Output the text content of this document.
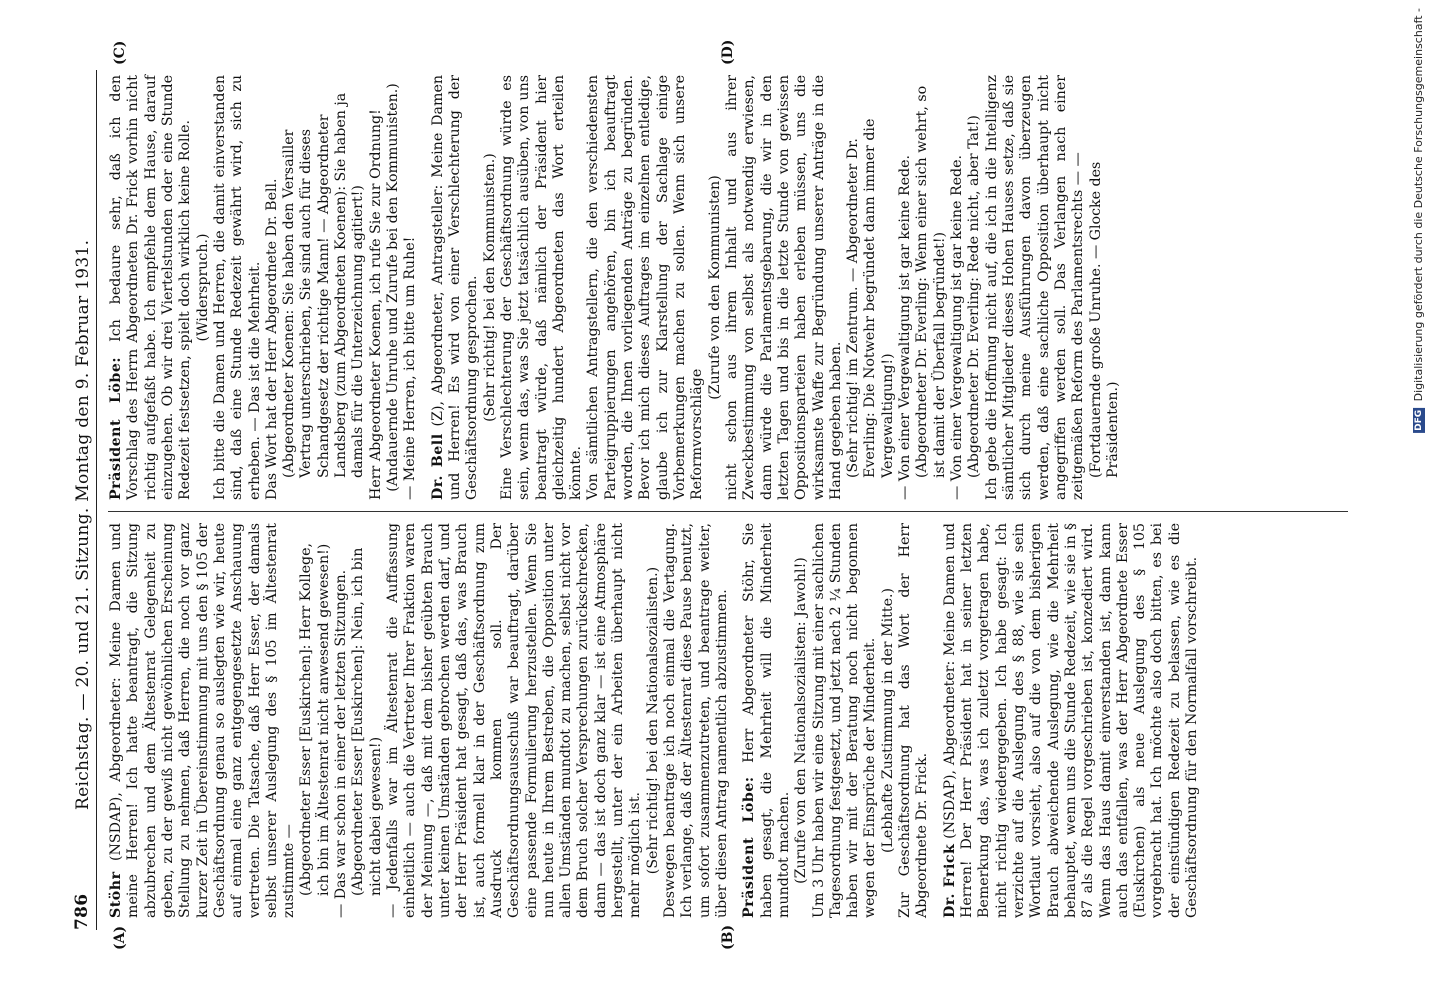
786
Reichstag. — 20. und 21. Sitzung. Montag den 9. Februar 1931.
(A)	(B)
(C)	(D)

Stöhr (NSDAP), Abgeordneter: Meine Damen und meine Herren! Ich hatte beantragt, die Sitzung abzubrechen und dem Ältestenrat Gelegenheit zu geben, zu der gewiß nicht gewöhnlichen Erscheinung Stellung zu nehmen, daß Herren, die noch vor ganz kurzer Zeit in Übereinstimmung mit uns den § 105 der Geschäftsordnung genau so auslegten wie wir, heute auf einmal eine ganz entgegengesetzte Anschauung vertreten. Die Tatsache, daß Herr Esser, der damals selbst unserer Auslegung des § 105 im Ältestenrat zustimmte — (Abgeordneter Esser [Euskirchen]: Herr Kollege, ich bin im Ältestenrat nicht anwesend gewesen!) — Das war schon in einer der letzten Sitzungen. (Abgeordneter Esser [Euskirchen]: Nein, ich bin nicht dabei gewesen!) — Jedenfalls war im Ältestenrat die Auffassung einheitlich — auch die Vertreter Ihrer Fraktion waren der Meinung —, daß mit dem bisher geübten Brauch unter keinen Umständen gebrochen werden darf, und der Herr Präsident hat gesagt, daß das, was Brauch ist, auch formell klar in der Geschäftsordnung zum Ausdruck kommen soll. Der Geschäftsordnungsausschuß war beauftragt, darüber eine passende Formulierung herzustellen. Wenn Sie nun heute in Ihrem Bestreben, die Opposition unter allen Umständen mundtot zu machen, selbst nicht vor dem Bruch solcher Versprechungen zurückschrecken, dann — das ist doch ganz klar — ist eine Atmosphäre hergestellt, unter der ein Arbeiten überhaupt nicht mehr möglich ist. (Sehr richtig! bei den Nationalsozialisten.) Deswegen beantrage ich noch einmal die Vertagung. Ich verlange, daß der Ältestenrat diese Pause benutzt, um sofort zusammenzutreten, und beantrage weiter, über diesen Antrag namentlich abzustimmen. Präsident Löbe: Herr Abgeordneter Stöhr, Sie haben gesagt, die Mehrheit will die Minderheit mundtot machen. (Zurufe von den Nationalsozialisten: Jawohl!) Um 3 Uhr haben wir eine Sitzung mit einer sachlichen Tagesordnung festgesetzt, und jetzt nach 2 ¼ Stunden haben wir mit der Beratung noch nicht begonnen wegen der Einsprüche der Minderheit. (Lebhafte Zustimmung in der Mitte.) Zur Geschäftsordnung hat das Wort der Herr Abgeordnete Dr. Frick. Dr. Frick (NSDAP), Abgeordneter: Meine Damen und Herren! Der Herr Präsident hat in seiner letzten Bemerkung das, was ich zuletzt vorgetragen habe, nicht richtig wiedergegeben. Ich habe gesagt: Ich verzichte auf die Auslegung des § 88, wie sie sein Wortlaut vorsieht, also auf die von dem bisherigen Brauch abweichende Auslegung, wie die Mehrheit behauptet, wenn uns die Stunde Redezeit, wie sie in § 87 als die Regel vorgeschrieben ist, konzediert wird. Wenn das Haus damit einverstanden ist, dann kann auch das entfallen, was der Herr Abgeordnete Esser (Euskirchen) als neue Auslegung des § 105 vorgebracht hat. Ich möchte also doch bitten, es bei der einstündigen Redezeit zu belassen, wie es die Geschäftsordnung für den Normalfall vorschreibt.

Präsident Löbe: Ich bedaure sehr, daß ich den Vorschlag des Herrn Abgeordneten Dr. Frick vorhin nicht richtig aufgefaßt habe. Ich empfehle dem Hause, darauf einzugehen. Ob wir drei Viertelstunden oder eine Stunde Redezeit festsetzen, spielt doch wirklich keine Rolle. (Widerspruch.) Ich bitte die Damen und Herren, die damit einverstanden sind, daß eine Stunde Redezeit gewährt wird, sich zu erheben. — Das ist die Mehrheit. Das Wort hat der Herr Abgeordnete Dr. Bell. (Abgeordneter Koenen: Sie haben den Versailler Vertrag unterschrieben, Sie sind auch für dieses Schandgesetz der richtige Mann! — Abgeordneter Landsberg (zum Abgeordneten Koenen): Sie haben ja damals für die Unterzeichnung agitiert!) Herr Abgeordneter Koenen, ich rufe Sie zur Ordnung! (Andauernde Unruhe und Zurufe bei den Kommunisten.) — Meine Herren, ich bitte um Ruhe! Dr. Bell (Z), Abgeordneter, Antragsteller: Meine Damen und Herren! Es wird von einer Verschlechterung der Geschäftsordnung gesprochen. (Sehr richtig! bei den Kommunisten.) Eine Verschlechterung der Geschäftsordnung würde es sein, wenn das, was Sie jetzt tatsächlich ausüben, von uns beantragt würde, daß nämlich der Präsident hier gleichzeitig hundert Abgeordneten das Wort erteilen könnte. Von sämtlichen Antragstellern, die den verschiedensten Parteigruppierungen angehören, bin ich beauftragt worden, die Ihnen vorliegenden Anträge zu begründen. Bevor ich mich dieses Auftrages im einzelnen entledige, glaube ich zur Klarstellung der Sachlage einige Vorbemerkungen machen zu sollen. Wenn sich unsere Reformvorschläge

(Zurufe von den Kommunisten) nicht schon aus ihrem Inhalt und aus ihrer Zweckbestimmung von selbst als notwendig erwiesen, dann würde die Parlamentsgebarung, die wir in den letzten Tagen und bis in die letzte Stunde von gewissen Oppositionsparteien haben erleben müssen, uns die wirksamste Waffe zur Begründung unserer Anträge in die Hand gegeben haben. (Sehr richtig! im Zentrum. — Abgeordneter Dr. Everling: Die Notwehr begründet dann immer die Vergewaltigung!) — Von einer Vergewaltigung ist gar keine Rede. (Abgeordneter Dr. Everling: Wenn einer sich wehrt, so ist damit der Überfall begründet!) — Von einer Vergewaltigung ist gar keine Rede. (Abgeordneter Dr. Everling: Rede nicht, aber Tat!) Ich gebe die Hoffnung nicht auf, die ich in die Intelligenz sämtlicher Mitglieder dieses Hohen Hauses setze, daß sie sich durch meine Ausführungen davon überzeugen werden, daß eine sachliche Opposition überhaupt nicht angegriffen werden soll. Das Verlangen nach einer zeitgemäßen Reform des Parlamentsrechts — — (Fortdauernde große Unruhe. — Glocke des Präsidenten.)	DFG Digitalisierung gefördert durch die Deutsche Forschungsgemeinschaft -
